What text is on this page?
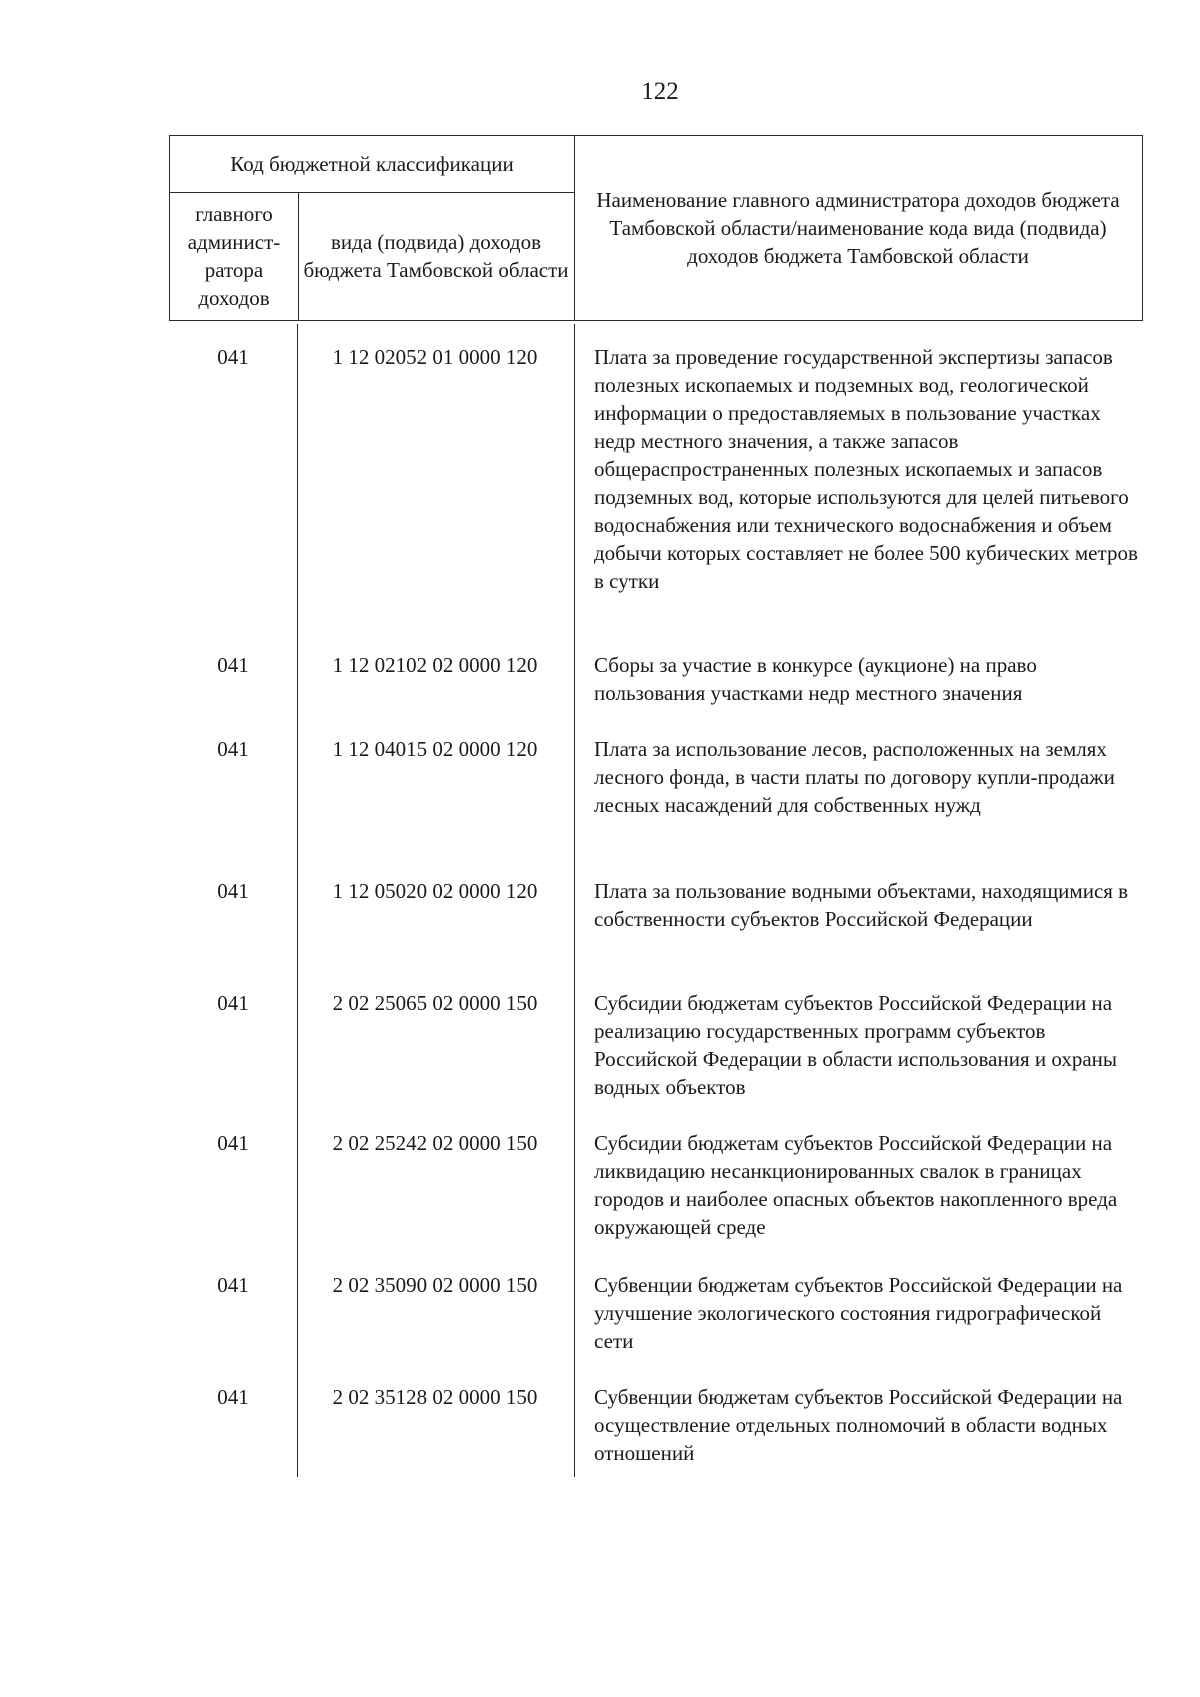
122
Код бюджетной классификации
главного админист-ратора доходов
вида (подвида) доходов бюджета Тамбовской области
Наименование главного администратора доходов бюджета Тамбовской области/наименование кода вида (подвида) доходов бюджета Тамбовской области
041	1 12 02052 01 0000 120	Плата за проведение государственной экспертизы запасов полезных ископаемых и подземных вод, геологической информации о предоставляемых в пользование участках недр местного значения, а также запасов общераспространенных полезных ископаемых и запасов подземных вод, которые используются для целей питьевого водоснабжения или технического водоснабжения и объем добычи которых составляет не более 500 кубических метров в сутки
041	1 12 02102 02 0000 120	Сборы за участие в конкурсе (аукционе) на право пользования участками недр местного значения
041	1 12 04015 02 0000 120	Плата за использование лесов, расположенных на землях лесного фонда, в части платы по договору купли-продажи лесных насаждений для собственных нужд
041	1 12 05020 02 0000 120	Плата за пользование водными объектами, находящимися в собственности субъектов Российской Федерации
041	2 02 25065 02 0000 150	Субсидии бюджетам субъектов Российской Федерации на реализацию государственных программ субъектов Российской Федерации в области использования и охраны водных объектов
041	2 02 25242 02 0000 150	Субсидии бюджетам субъектов Российской Федерации на ликвидацию несанкционированных свалок в границах городов и наиболее опасных объектов накопленного вреда окружающей среде
041	2 02 35090 02 0000 150	Субвенции бюджетам субъектов Российской Федерации на улучшение экологического состояния гидрографической сети
041	2 02 35128 02 0000 150	Субвенции бюджетам субъектов Российской Федерации на осуществление отдельных полномочий в области водных отношений
